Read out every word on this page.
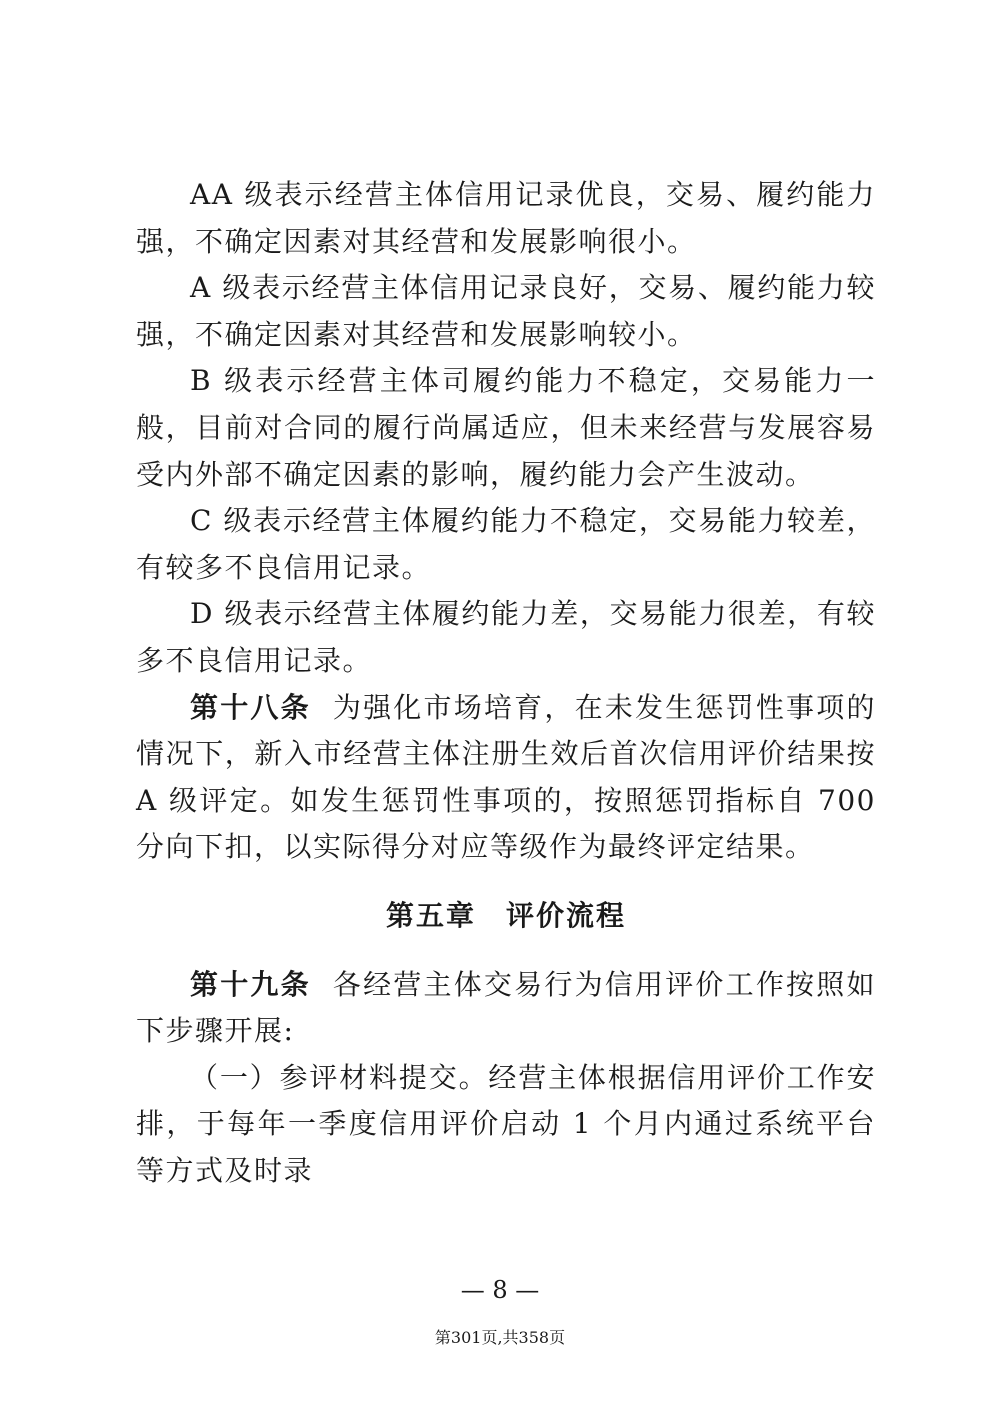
AA 级表示经营主体信用记录优良，交易、履约能力强，不确定因素对其经营和发展影响很小。

A 级表示经营主体信用记录良好，交易、履约能力较强，不确定因素对其经营和发展影响较小。

B 级表示经营主体司履约能力不稳定，交易能力一般，目前对合同的履行尚属适应，但未来经营与发展容易受内外部不确定因素的影响，履约能力会产生波动。

C 级表示经营主体履约能力不稳定，交易能力较差，有较多不良信用记录。

D 级表示经营主体履约能力差，交易能力很差，有较多不良信用记录。

第十八条 为强化市场培育，在未发生惩罚性事项的情况下，新入市经营主体注册生效后首次信用评价结果按 A 级评定。如发生惩罚性事项的，按照惩罚指标自 700 分向下扣，以实际得分对应等级作为最终评定结果。

第五章　评价流程

第十九条 各经营主体交易行为信用评价工作按照如下步骤开展:

（一）参评材料提交。经营主体根据信用评价工作安排，于每年一季度信用评价启动 1 个月内通过系统平台等方式及时录

— 8 —
第301页,共358页
